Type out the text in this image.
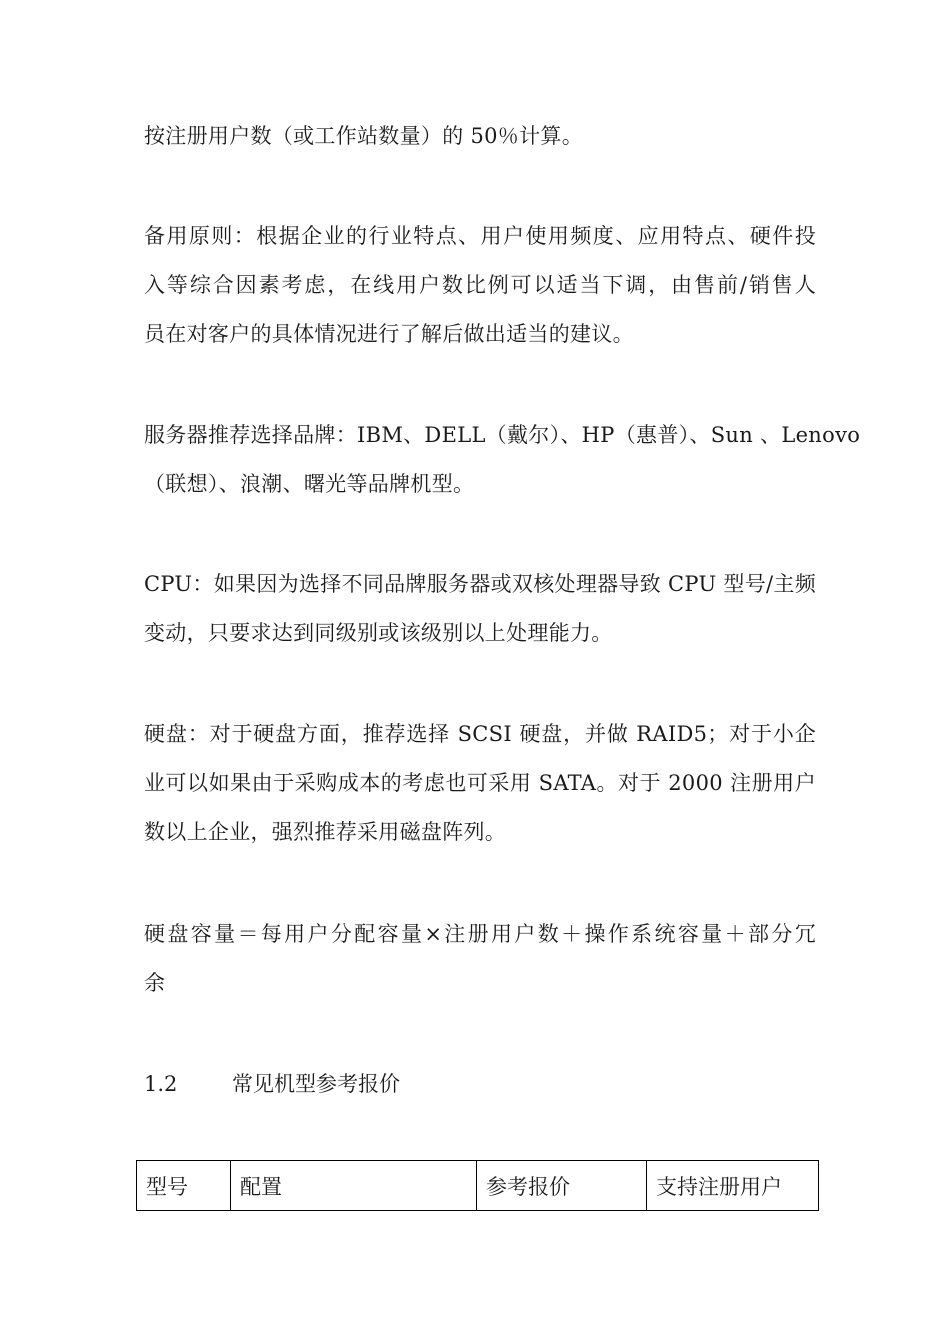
按注册用户数（或工作站数量）的 50％计算。
备用原则：根据企业的行业特点、用户使用频度、应用特点、硬件投
入等综合因素考虑，在线用户数比例可以适当下调，由售前/销售人
员在对客户的具体情况进行了解后做出适当的建议。
服务器推荐选择品牌：IBM、DELL（戴尔）、HP（惠普）、Sun 、Lenovo
（联想）、浪潮、曙光等品牌机型。
CPU：如果因为选择不同品牌服务器或双核处理器导致 CPU 型号/主频
变动，只要求达到同级别或该级别以上处理能力。
硬盘：对于硬盘方面，推荐选择 SCSI 硬盘，并做 RAID5；对于小企
业可以如果由于采购成本的考虑也可采用 SATA。对于 2000 注册用户
数以上企业，强烈推荐采用磁盘阵列。
硬盘容量＝每用户分配容量×注册用户数＋操作系统容量＋部分冗
余
1.2	常见机型参考报价
型号	配置	参考报价	支持注册用户
